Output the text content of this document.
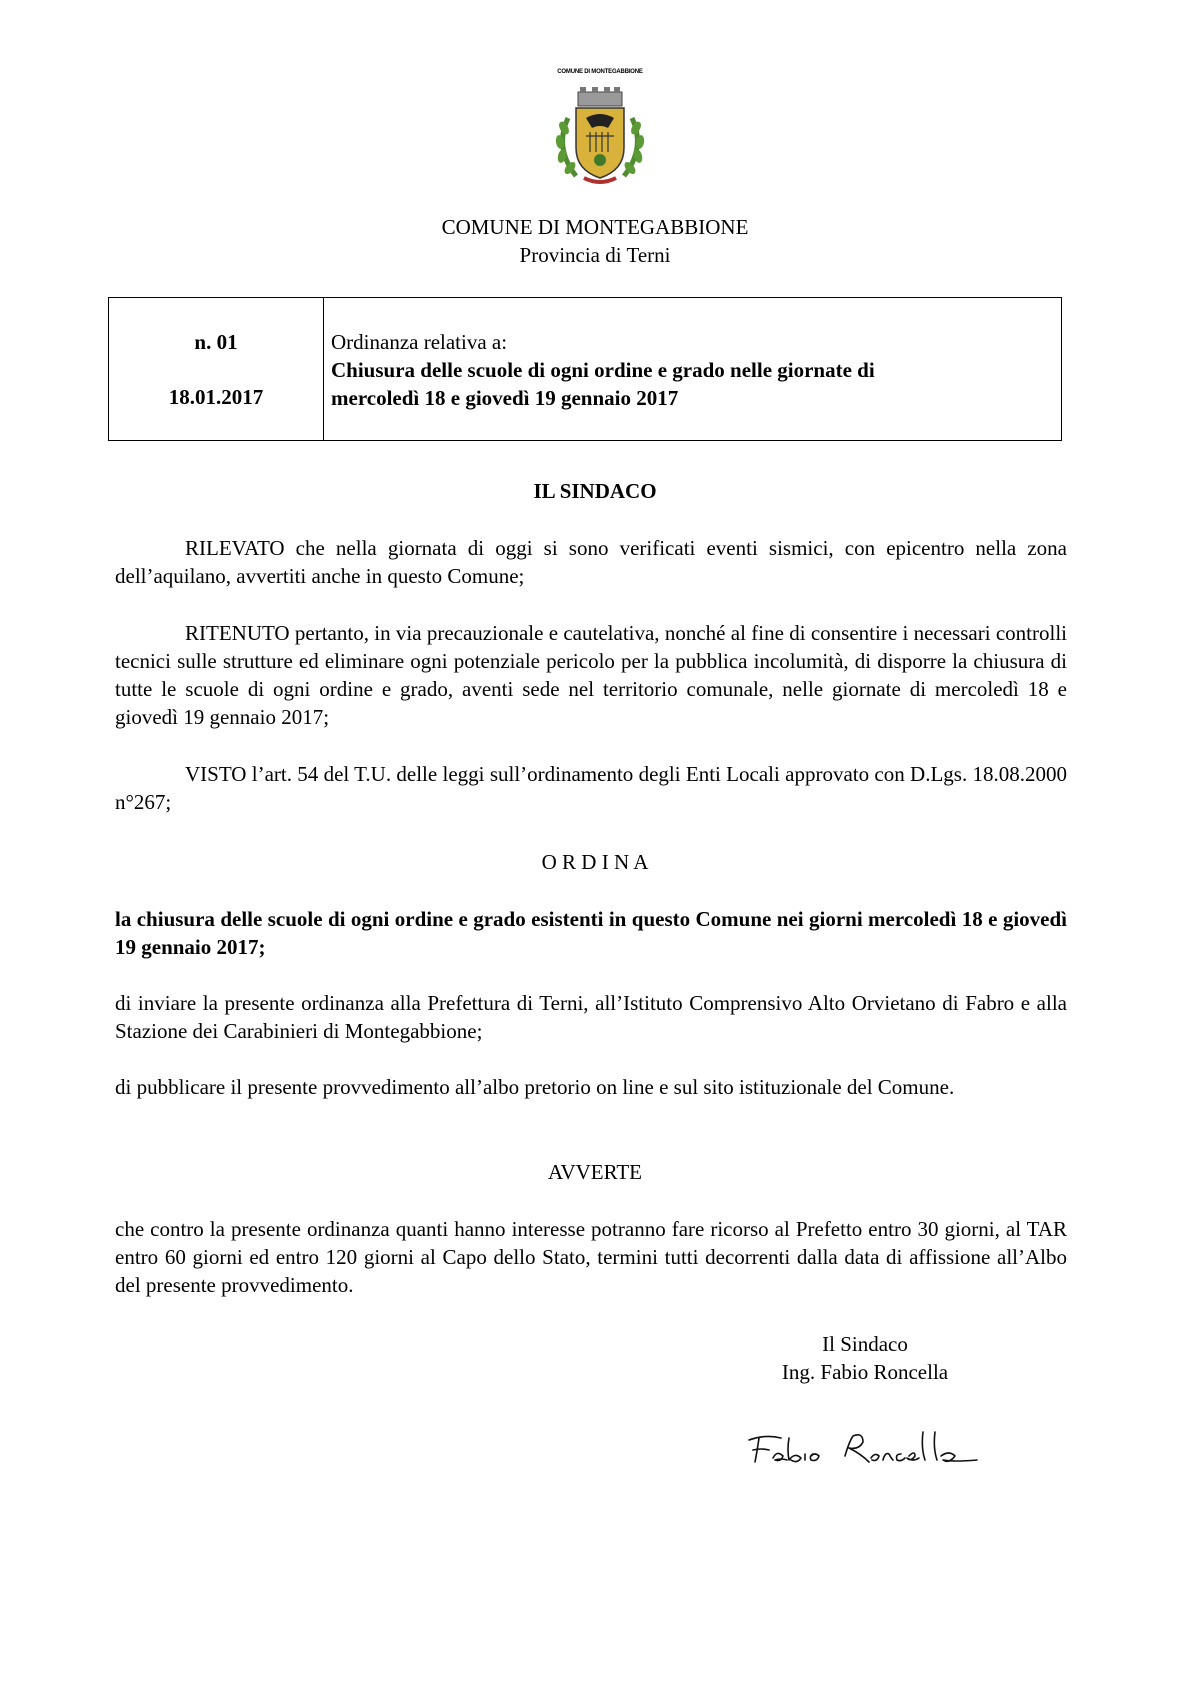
COMUNE DI MONTEGABBIONE
COMUNE DI MONTEGABBIONE
Provincia di Terni
n. 01
18.01.2017
Ordinanza relativa a:
Chiusura delle scuole di ogni ordine e grado nelle giornate di
mercoledì 18 e giovedì 19 gennaio 2017
IL SINDACO
RILEVATO che nella giornata di oggi si sono verificati eventi sismici, con epicentro nella zona dell’aquilano, avvertiti anche in questo Comune;
RITENUTO pertanto, in via precauzionale e cautelativa, nonché al fine di consentire i necessari controlli tecnici sulle strutture ed eliminare ogni potenziale pericolo per la pubblica incolumità, di disporre la chiusura di tutte le scuole di ogni ordine e grado, aventi sede nel territorio comunale, nelle giornate di mercoledì 18 e giovedì 19 gennaio 2017;
VISTO l’art. 54 del T.U. delle leggi sull’ordinamento degli Enti Locali approvato con D.Lgs. 18.08.2000 n°267;
O R D I N A
la chiusura delle scuole di ogni ordine e grado esistenti in questo Comune nei giorni mercoledì 18 e giovedì 19 gennaio 2017;
di inviare la presente ordinanza alla Prefettura di Terni, all’Istituto Comprensivo Alto Orvietano di Fabro e alla Stazione dei Carabinieri di Montegabbione;
di pubblicare il presente provvedimento all’albo pretorio on line e sul sito istituzionale del Comune.
AVVERTE
che contro la presente ordinanza quanti hanno interesse potranno fare ricorso al Prefetto entro 30 giorni, al TAR entro 60 giorni ed entro 120 giorni al Capo dello Stato, termini tutti decorrenti dalla data di affissione all’Albo del presente provvedimento.
Il Sindaco
Ing. Fabio Roncella
